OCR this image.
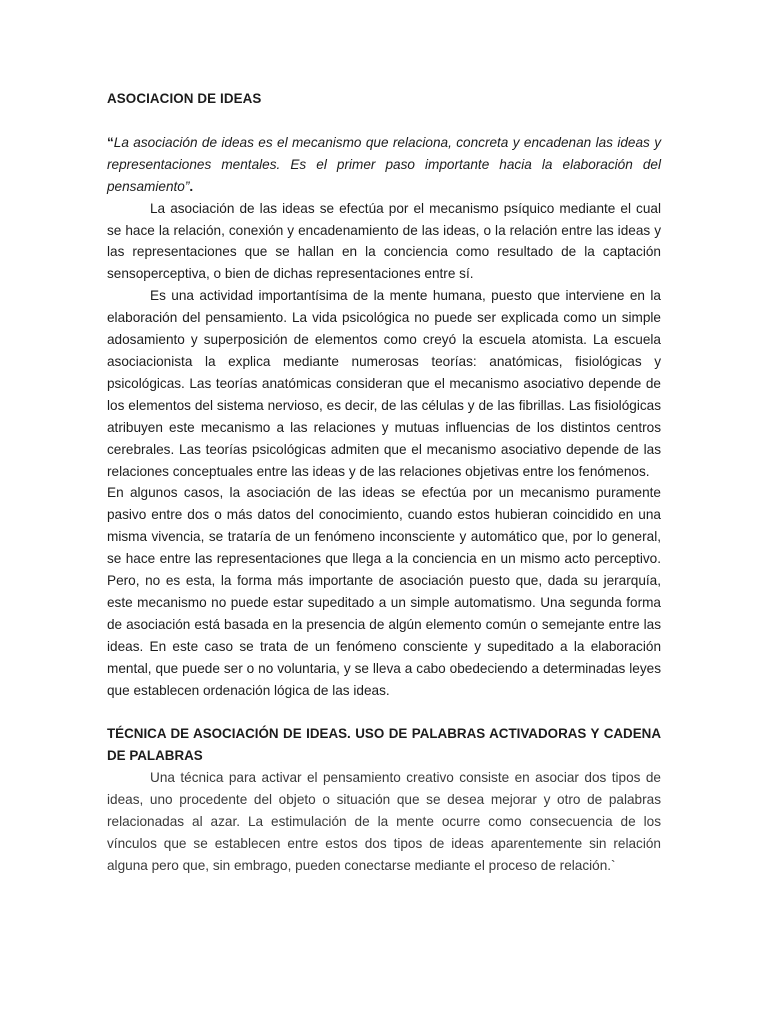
ASOCIACION DE IDEAS

“La asociación de ideas es el mecanismo que relaciona, concreta y encadenan las ideas y representaciones mentales. Es el primer paso importante hacia la elaboración del pensamiento”.

La asociación de las ideas se efectúa por el mecanismo psíquico mediante el cual se hace la relación, conexión y encadenamiento de las ideas, o la relación entre las ideas y las representaciones que se hallan en la conciencia como resultado de la captación sensoperceptiva, o bien de dichas representaciones entre sí.

Es una actividad importantísima de la mente humana, puesto que interviene en la elaboración del pensamiento. La vida psicológica no puede ser explicada como un simple adosamiento y superposición de elementos como creyó la escuela atomista. La escuela asociacionista la explica mediante numerosas teorías: anatómicas, fisiológicas y psicológicas. Las teorías anatómicas consideran que el mecanismo asociativo depende de los elementos del sistema nervioso, es decir, de las células y de las fibrillas. Las fisiológicas atribuyen este mecanismo a las relaciones y mutuas influencias de los distintos centros cerebrales. Las teorías psicológicas admiten que el mecanismo asociativo depende de las relaciones conceptuales entre las ideas y de las relaciones objetivas entre los fenómenos.

En algunos casos, la asociación de las ideas se efectúa por un mecanismo puramente pasivo entre dos o más datos del conocimiento, cuando estos hubieran coincidido en una misma vivencia, se trataría de un fenómeno inconsciente y automático que, por lo general, se hace entre las representaciones que llega a la conciencia en un mismo acto perceptivo. Pero, no es esta, la forma más importante de asociación puesto que, dada su jerarquía, este mecanismo no puede estar supeditado a un simple automatismo. Una segunda forma de asociación está basada en la presencia de algún elemento común o semejante entre las ideas. En este caso se trata de un fenómeno consciente y supeditado a la elaboración mental, que puede ser o no voluntaria, y se lleva a cabo obedeciendo a determinadas leyes que establecen ordenación lógica de las ideas.

TÉCNICA DE ASOCIACIÓN DE IDEAS. USO DE PALABRAS ACTIVADORAS Y CADENA DE PALABRAS

Una técnica para activar el pensamiento creativo consiste en asociar dos tipos de ideas, uno procedente del objeto o situación que se desea mejorar y otro de palabras relacionadas al azar. La estimulación de la mente ocurre como consecuencia de los vínculos que se establecen entre estos dos tipos de ideas aparentemente sin relación alguna pero que, sin embrago, pueden conectarse mediante el proceso de relación.`
